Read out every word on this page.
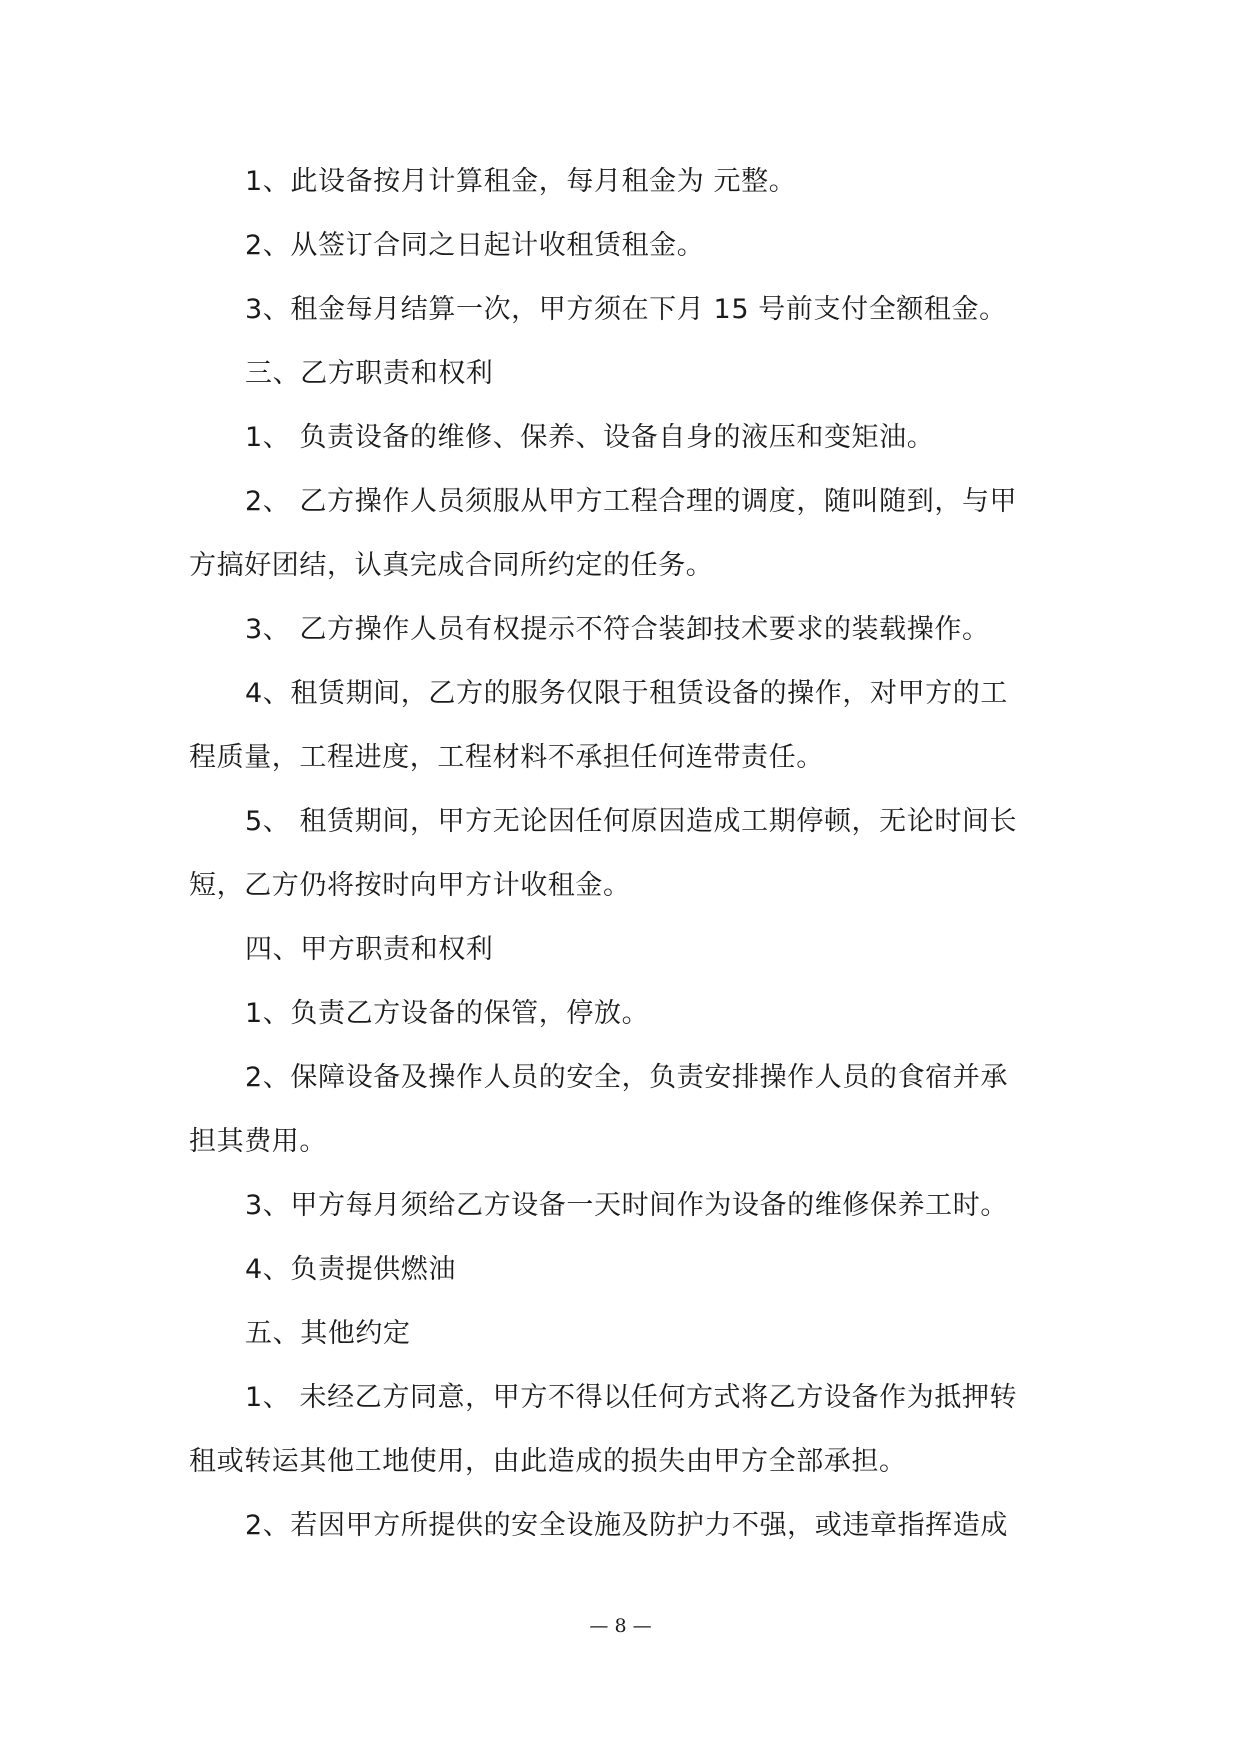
1、此设备按月计算租金，每月租金为 元整。
2、从签订合同之日起计收租赁租金。
3、租金每月结算一次，甲方须在下月 15 号前支付全额租金。
三、乙方职责和权利
1、 负责设备的维修、保养、设备自身的液压和变矩油。
2、 乙方操作人员须服从甲方工程合理的调度，随叫随到，与甲
方搞好团结，认真完成合同所约定的任务。
3、 乙方操作人员有权提示不符合装卸技术要求的装载操作。
4、租赁期间，乙方的服务仅限于租赁设备的操作，对甲方的工
程质量，工程进度，工程材料不承担任何连带责任。
5、 租赁期间，甲方无论因任何原因造成工期停顿，无论时间长
短，乙方仍将按时向甲方计收租金。
四、甲方职责和权利
1、负责乙方设备的保管，停放。
2、保障设备及操作人员的安全，负责安排操作人员的食宿并承
担其费用。
3、甲方每月须给乙方设备一天时间作为设备的维修保养工时。
4、负责提供燃油
五、其他约定
1、 未经乙方同意，甲方不得以任何方式将乙方设备作为抵押转
租或转运其他工地使用，由此造成的损失由甲方全部承担。
2、若因甲方所提供的安全设施及防护力不强，或违章指挥造成
— 8 —
